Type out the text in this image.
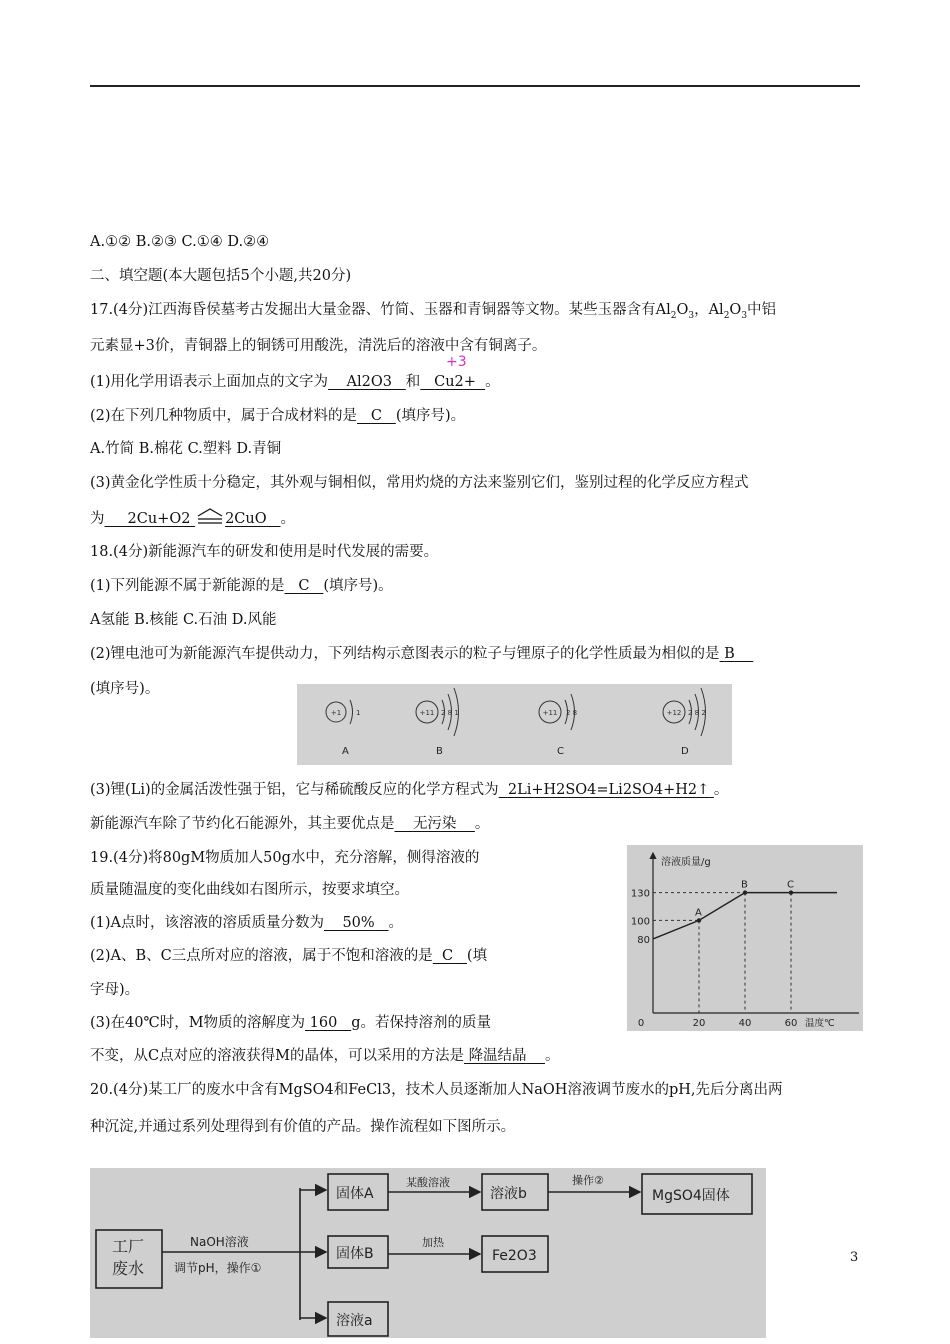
A.①② B.②③ C.①④ D.②④
二、填空题(本大题包括5个小题,共20分)
17.(4分)江西海昏侯墓考古发掘出大量金器、竹简、玉器和青铜器等文物。某些玉器含有$Al_2O_3$，$Al_2O_3$中铝
元素显+3价，青铜器上的铜锈可用酸洗，清洗后的溶液中含有铜离子。
+3
(1)用化学用语表示上面加点的文字为 Al2O3 和 Cu2+ 。
(2)在下列几种物质中，属于合成材料的是 C (填序号)。
A.竹简 B.棉花 C.塑料 D.青铜
(3)黄金化学性质十分稳定，其外观与铜相似，常用灼烧的方法来鉴别它们，鉴别过程的化学反应方程式
为 2Cu+O2 2CuO 。
18.(4分)新能源汽车的研发和使用是时代发展的需要。
(1)下列能源不属于新能源的是 C (填序号)。
A氢能 B.核能 C.石油 D.风能
(2)锂电池可为新能源汽车提供动力，下列结构示意图表示的粒子与锂原子的化学性质最为相似的是 B
(填序号)。
+1 1
A
+11 2 8 1
B
+11 2 8
C
+12 2 8 2
D
(3)锂(Li)的金属活泼性强于铝，它与稀硫酸反应的化学方程式为 2Li+H2SO4=Li2SO4+H2↑ 。
新能源汽车除了节约化石能源外，其主要优点是 无污染 。
19.(4分)将80gM物质加人50g水中，充分溶解，侧得溶液的
质量随温度的变化曲线如右图所示，按要求填空。
(1)A点时，该溶液的溶质质量分数为 50% 。
(2)A、B、C三点所对应的溶液，属于不饱和溶液的是 C (填
字母)。
(3)在40℃时，M物质的溶解度为 160 g。若保持溶剂的质量
不变，从C点对应的溶液获得M的晶体，可以采用的方法是 降温结晶 。
溶液质量/g
温度℃
0	20	40	60
80
100
130
A
B	C
20.(4分)某工厂的废水中含有MgSO4和FeCl3，技术人员逐渐加人NaOH溶液调节废水的pH,先后分离出两
种沉淀,并通过系列处理得到有价值的产品。操作流程如下图所示。
工厂
废水
NaOH溶液
调节pH，操作①
固体A
某酸溶液
溶液b
操作②
MgSO4固体
固体B
加热
Fe2O3
溶液a
3
